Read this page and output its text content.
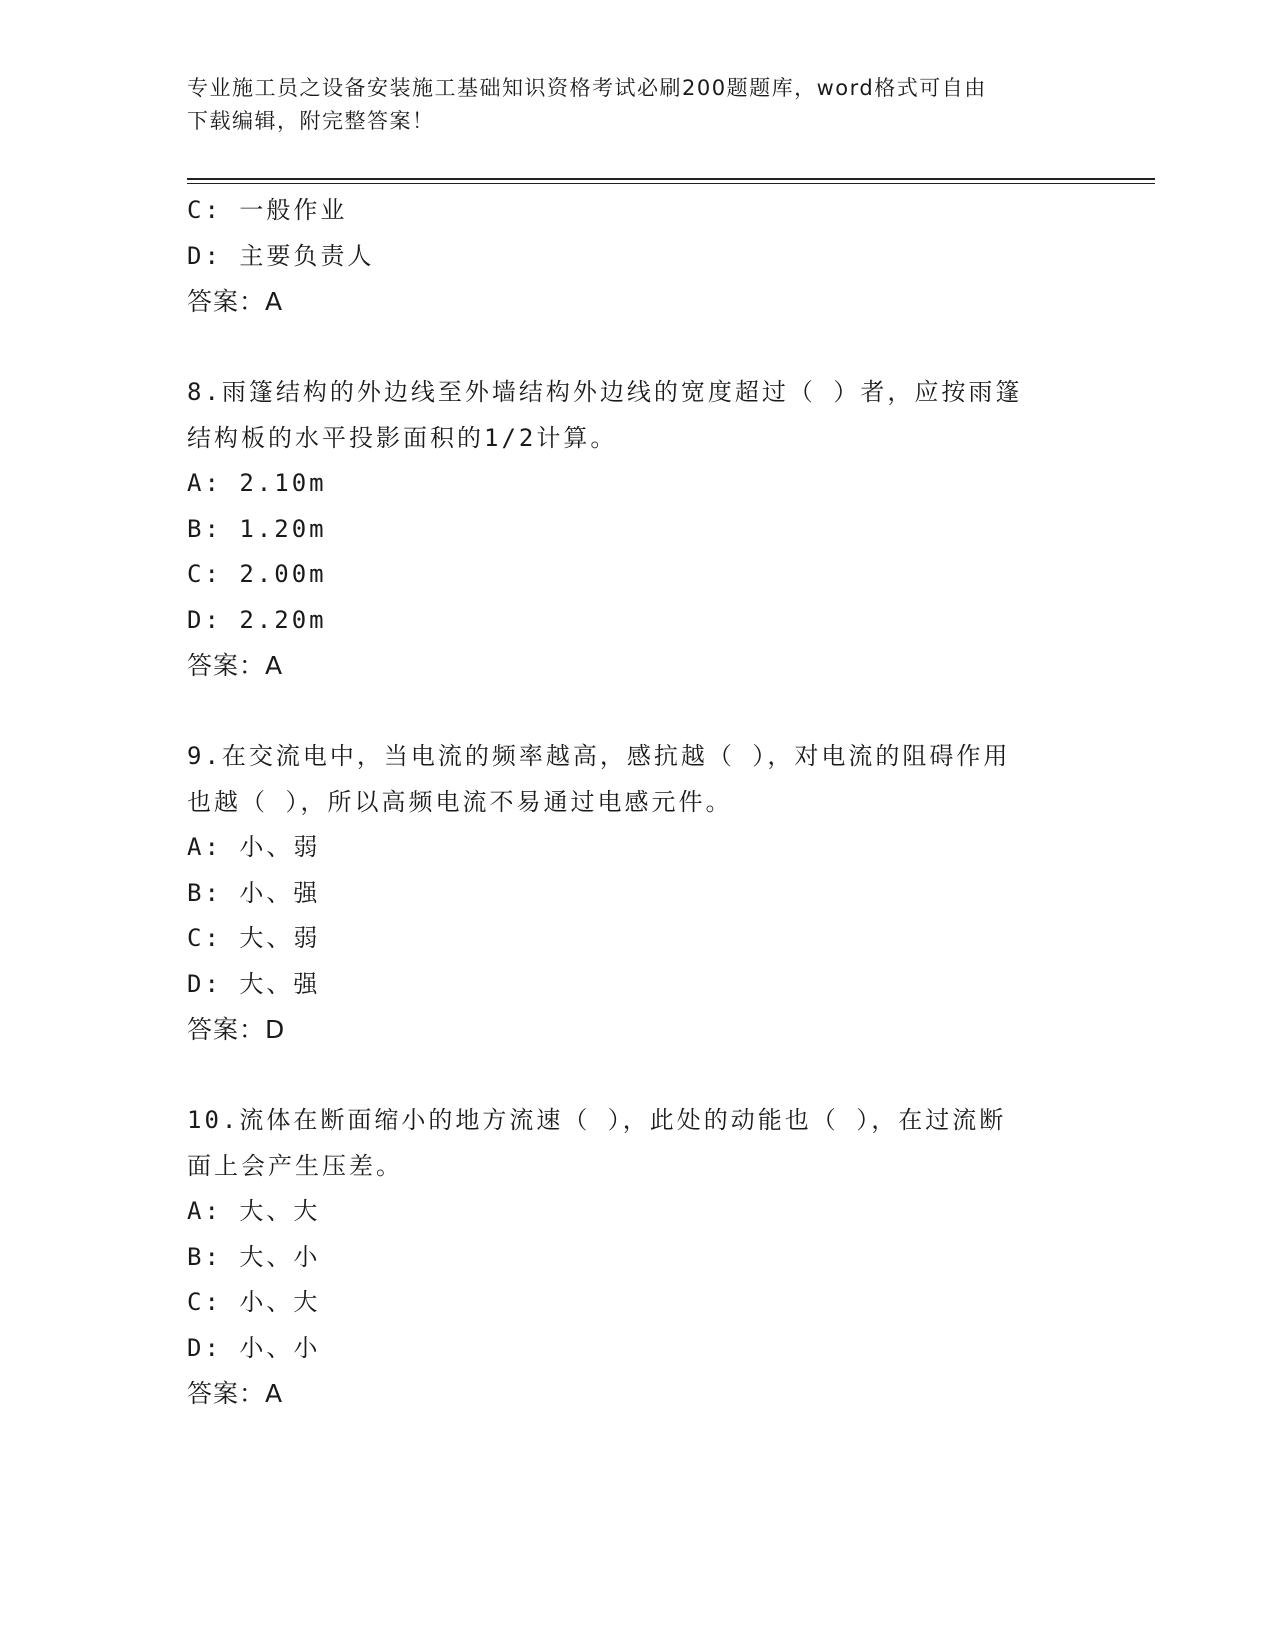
专业施工员之设备安装施工基础知识资格考试必刷200题题库，word格式可自由
下载编辑，附完整答案！
C: 一般作业
D: 主要负责人
答案：A
8.雨篷结构的外边线至外墙结构外边线的宽度超过（ ）者，应按雨篷
结构板的水平投影面积的1/2计算。
A: 2.10m
B: 1.20m
C: 2.00m
D: 2.20m
答案：A
9.在交流电中，当电流的频率越高，感抗越（ ），对电流的阻碍作用
也越（ ），所以高频电流不易通过电感元件。
A: 小、弱
B: 小、强
C: 大、弱
D: 大、强
答案：D
10.流体在断面缩小的地方流速（ ），此处的动能也（ ），在过流断
面上会产生压差。
A: 大、大
B: 大、小
C: 小、大
D: 小、小
答案：A
